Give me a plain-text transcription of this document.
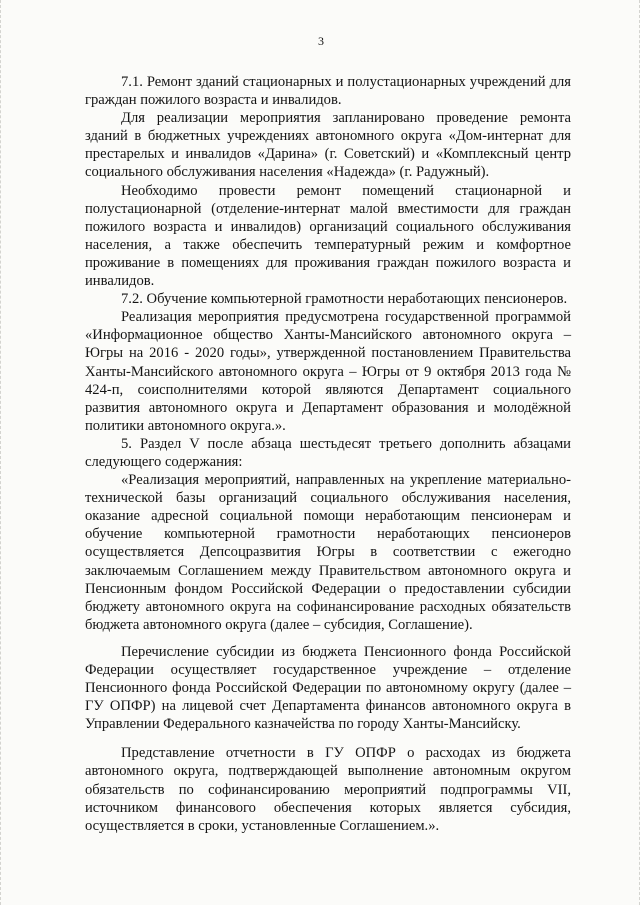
3

7.1. Ремонт зданий стационарных и полустационарных учреждений для граждан пожилого возраста и инвалидов.

Для реализации мероприятия запланировано проведение ремонта зданий в бюджетных учреждениях автономного округа «Дом-интернат для престарелых и инвалидов «Дарина» (г. Советский) и «Комплексный центр социального обслуживания населения «Надежда» (г. Радужный).

Необходимо провести ремонт помещений стационарной и полустационарной (отделение-интернат малой вместимости для граждан пожилого возраста и инвалидов) организаций социального обслуживания населения, а также обеспечить температурный режим и комфортное проживание в помещениях для проживания граждан пожилого возраста и инвалидов.

7.2. Обучение компьютерной грамотности неработающих пенсионеров.

Реализация мероприятия предусмотрена государственной программой «Информационное общество Ханты-Мансийского автономного округа – Югры на 2016 - 2020 годы», утвержденной постановлением Правительства Ханты-Мансийского автономного округа – Югры от 9 октября 2013 года № 424-п, соисполнителями которой являются Департамент социального развития автономного округа и Департамент образования и молодёжной политики автономного округа.».

5. Раздел V после абзаца шестьдесят третьего дополнить абзацами следующего содержания:

«Реализация мероприятий, направленных на укрепление материально-технической базы организаций социального обслуживания населения, оказание адресной социальной помощи неработающим пенсионерам и обучение компьютерной грамотности неработающих пенсионеров осуществляется Депсоцразвития Югры в соответствии с ежегодно заключаемым Соглашением между Правительством автономного округа и Пенсионным фондом Российской Федерации о предоставлении субсидии бюджету автономного округа на софинансирование расходных обязательств бюджета автономного округа (далее – субсидия, Соглашение).

Перечисление субсидии из бюджета Пенсионного фонда Российской Федерации осуществляет государственное учреждение – отделение Пенсионного фонда Российской Федерации по автономному округу (далее – ГУ ОПФР) на лицевой счет Департамента финансов автономного округа в Управлении Федерального казначейства по городу Ханты-Мансийску.

Представление отчетности в ГУ ОПФР о расходах из бюджета автономного округа, подтверждающей выполнение автономным округом обязательств по софинансированию мероприятий подпрограммы VII, источником финансового обеспечения которых является субсидия, осуществляется в сроки, установленные Соглашением.».
